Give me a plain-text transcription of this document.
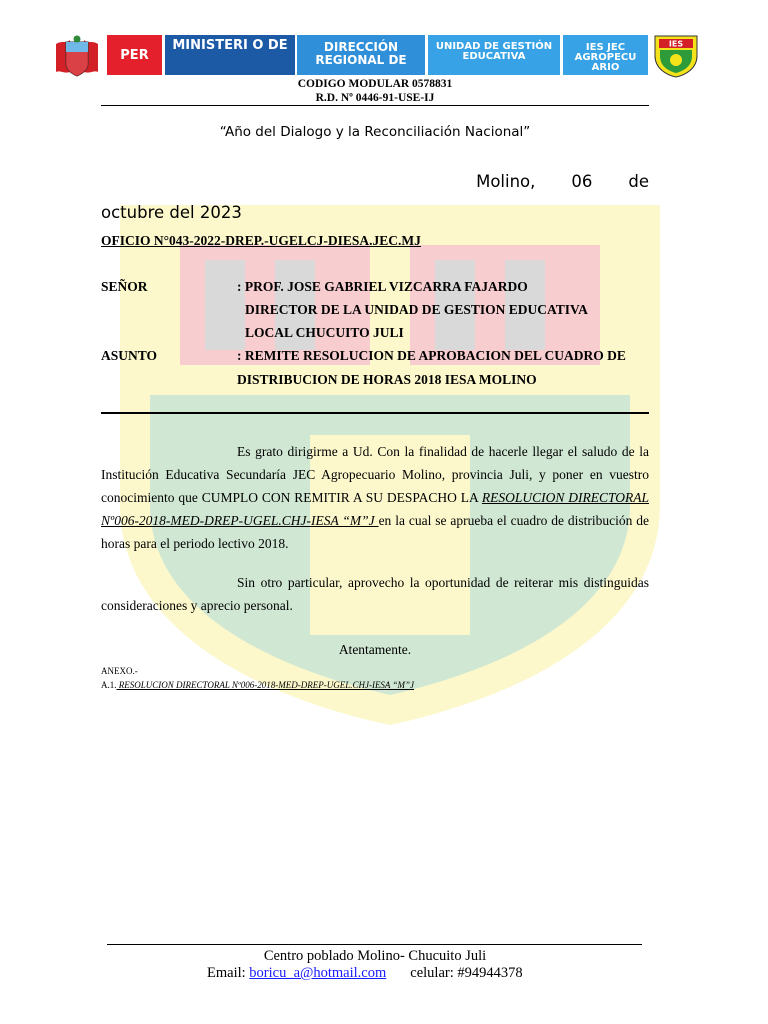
PER
MINISTERI O DE	DIRECCIÓN REGIONAL DE
UNIDAD DE GESTIÓN EDUCATIVA
IES JEC AGROPECU ARIO
IES
CODIGO MODULAR 0578831
R.D. Nº 0446-91-USE-IJ
“Año del Dialogo y la Reconciliación Nacional”
Molino, 06 de
octubre del 2023
OFICIO N°043-2022-DREP.-UGELCJ-DIESA.JEC.MJ
SEÑOR	: PROF. JOSE GABRIEL VIZCARRA FAJARDO
DIRECTOR DE LA UNIDAD DE GESTION EDUCATIVA
LOCAL CHUCUITO JULI
ASUNTO	: REMITE RESOLUCION DE APROBACION DEL CUADRO DE
DISTRIBUCION DE HORAS 2018 IESA MOLINO
Es grato dirigirme a Ud. Con la finalidad de hacerle llegar el saludo de la Institución Educativa Secundaría JEC Agropecuario Molino, provincia Juli, y poner en vuestro conocimiento que CUMPLO CON REMITIR A SU DESPACHO LA RESOLUCION DIRECTORAL Nº006-2018-MED-DREP-UGEL.CHJ-IESA “M”J en la cual se aprueba el cuadro de distribución de horas para el periodo lectivo 2018.
Sin otro particular, aprovecho la oportunidad de reiterar mis distinguidas consideraciones y aprecio personal.
Atentamente.
ANEXO.-
A.1. RESOLUCION DIRECTORAL Nº006-2018-MED-DREP-UGEL.CHJ-IESA “M”J
Centro poblado Molino- Chucuito Juli
Email: boricu_a@hotmail.com celular: #94944378
